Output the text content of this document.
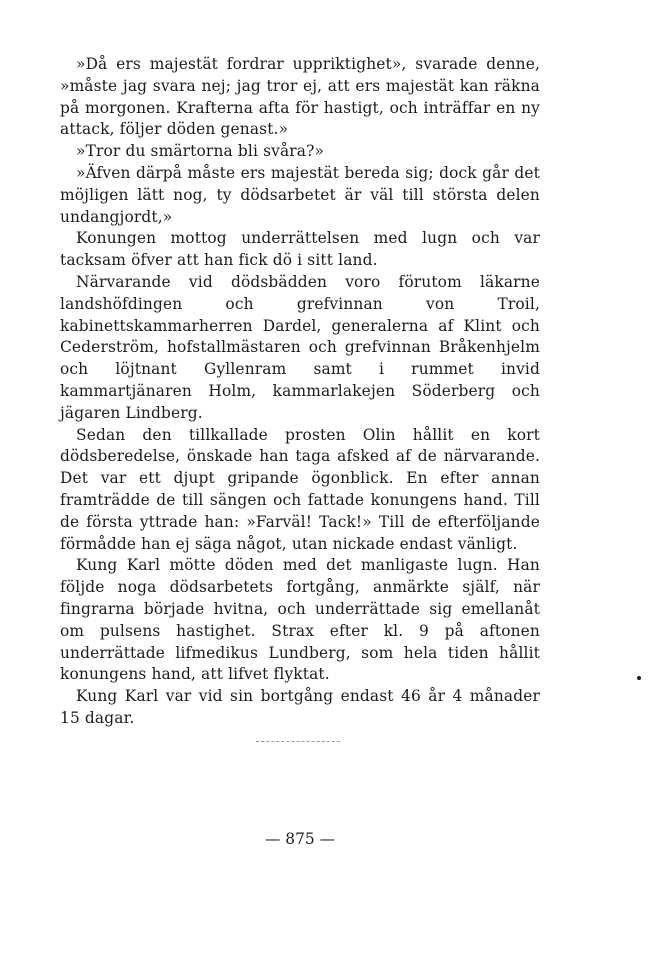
»Då ers majestät fordrar uppriktighet», svarade denne, »måste jag svara nej; jag tror ej, att ers majestät kan räkna på morgonen. Krafterna afta för hastigt, och inträffar en ny attack, följer döden genast.»

»Tror du smärtorna bli svåra?»

»Äfven därpå måste ers majestät bereda sig; dock går det möjligen lätt nog, ty dödsarbetet är väl till största delen undangjordt,»

Konungen mottog underrättelsen med lugn och var tacksam öfver att han fick dö i sitt land.

Närvarande vid dödsbädden voro förutom läkarne landshöfdingen och grefvinnan von Troil, kabinettskammarherren Dardel, generalerna af Klint och Cederström, hofstallmästaren och grefvinnan Bråkenhjelm och löjtnant Gyllenram samt i rummet invid kammartjänaren Holm, kammarlakejen Söderberg och jägaren Lindberg.

Sedan den tillkallade prosten Olin hållit en kort dödsberedelse, önskade han taga afsked af de närvarande. Det var ett djupt gripande ögonblick. En efter annan framträdde de till sängen och fattade konungens hand. Till de första yttrade han: »Farväl! Tack!» Till de efterföljande förmådde han ej säga något, utan nickade endast vänligt.

Kung Karl mötte döden med det manligaste lugn. Han följde noga dödsarbetets fortgång, anmärkte själf, när fingrarna började hvitna, och underrättade sig emellanåt om pulsens hastighet. Strax efter kl. 9 på aftonen underrättade lifmedikus Lundberg, som hela tiden hållit konungens hand, att lifvet flyktat.

Kung Karl var vid sin bortgång endast 46 år 4 månader 15 dagar.

— 875 —
